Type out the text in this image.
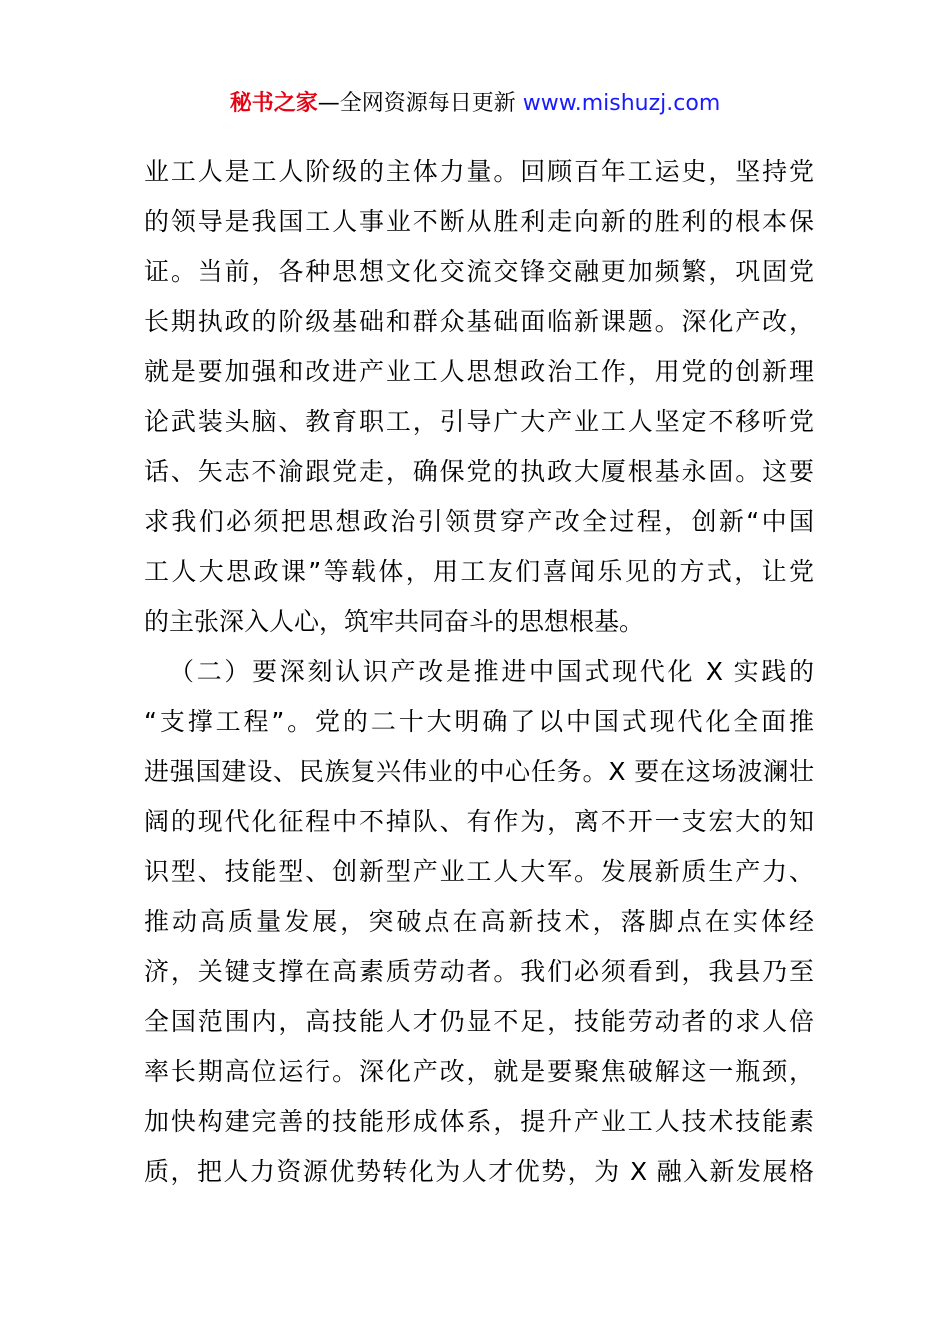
秘书之家—全网资源每日更新 www.mishuzj.com
业工人是工人阶级的主体力量。回顾百年工运史，坚持党
的领导是我国工人事业不断从胜利走向新的胜利的根本保
证。当前，各种思想文化交流交锋交融更加频繁，巩固党
长期执政的阶级基础和群众基础面临新课题。深化产改，
就是要加强和改进产业工人思想政治工作，用党的创新理
论武装头脑、教育职工，引导广大产业工人坚定不移听党
话、矢志不渝跟党走，确保党的执政大厦根基永固。这要
求我们必须把思想政治引领贯穿产改全过程，创新“中国
工人大思政课”等载体，用工友们喜闻乐见的方式，让党
的主张深入人心，筑牢共同奋斗的思想根基。
（二）要深刻认识产改是推进中国式现代化 X 实践的
“支撑工程”。党的二十大明确了以中国式现代化全面推
进强国建设、民族复兴伟业的中心任务。X 要在这场波澜壮
阔的现代化征程中不掉队、有作为，离不开一支宏大的知
识型、技能型、创新型产业工人大军。发展新质生产力、
推动高质量发展，突破点在高新技术，落脚点在实体经
济，关键支撑在高素质劳动者。我们必须看到，我县乃至
全国范围内，高技能人才仍显不足，技能劳动者的求人倍
率长期高位运行。深化产改，就是要聚焦破解这一瓶颈，
加快构建完善的技能形成体系，提升产业工人技术技能素
质，把人力资源优势转化为人才优势，为 X 融入新发展格
